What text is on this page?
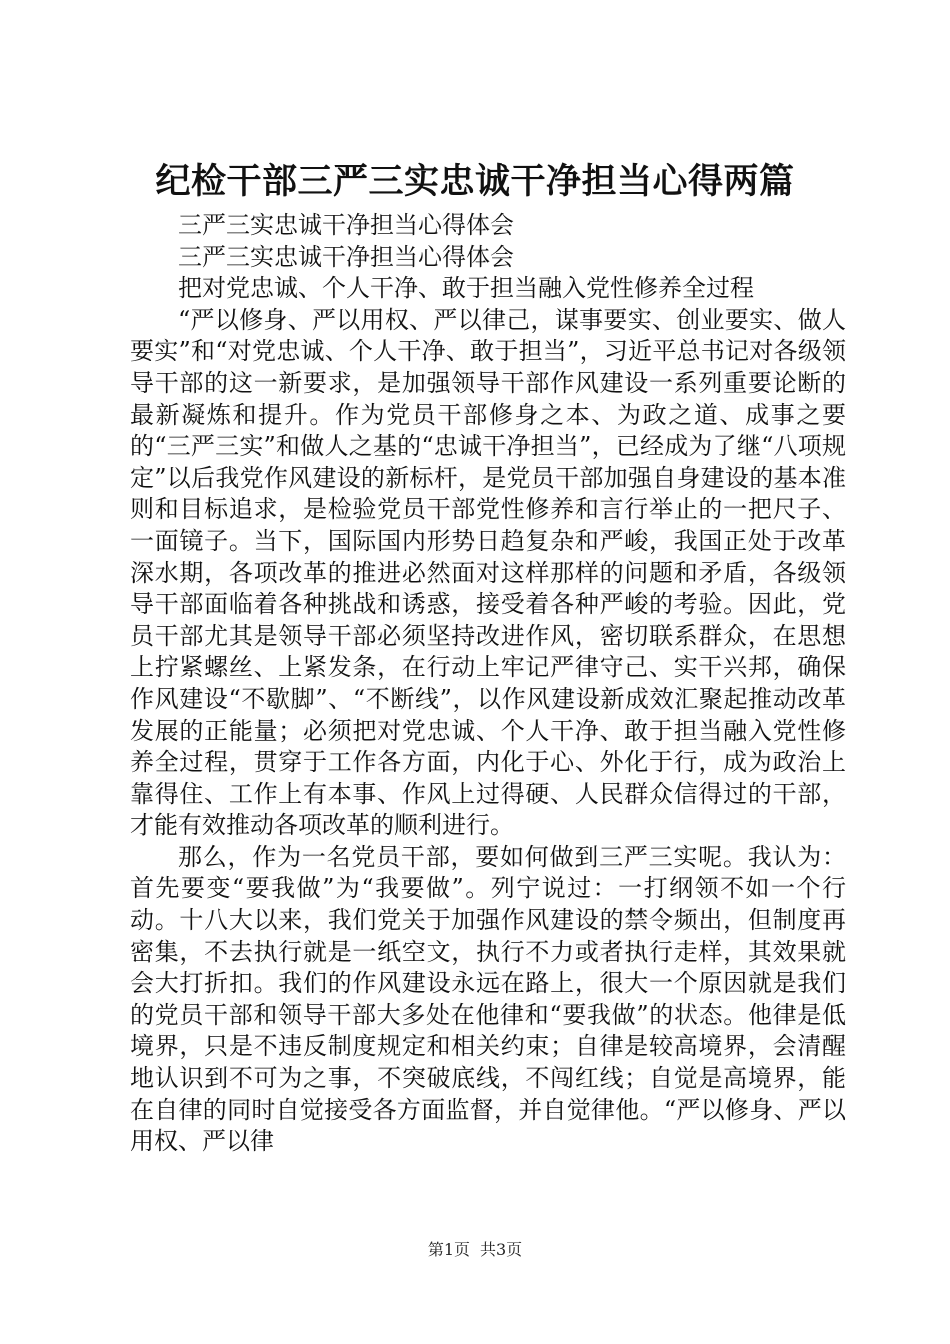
纪检干部三严三实忠诚干净担当心得两篇

三严三实忠诚干净担当心得体会

三严三实忠诚干净担当心得体会

把对党忠诚、个人干净、敢于担当融入党性修养全过程

“严以修身、严以用权、严以律己，谋事要实、创业要实、做人要实”和“对党忠诚、个人干净、敢于担当”，习近平总书记对各级领导干部的这一新要求，是加强领导干部作风建设一系列重要论断的最新凝炼和提升。作为党员干部修身之本、为政之道、成事之要的“三严三实”和做人之基的“忠诚干净担当”，已经成为了继“八项规定”以后我党作风建设的新标杆，是党员干部加强自身建设的基本准则和目标追求，是检验党员干部党性修养和言行举止的一把尺子、一面镜子。当下，国际国内形势日趋复杂和严峻，我国正处于改革深水期，各项改革的推进必然面对这样那样的问题和矛盾，各级领导干部面临着各种挑战和诱惑，接受着各种严峻的考验。因此，党员干部尤其是领导干部必须坚持改进作风，密切联系群众，在思想上拧紧螺丝、上紧发条，在行动上牢记严律守己、实干兴邦，确保作风建设“不歇脚”、“不断线”，以作风建设新成效汇聚起推动改革发展的正能量；必须把对党忠诚、个人干净、敢于担当融入党性修养全过程，贯穿于工作各方面，内化于心、外化于行，成为政治上靠得住、工作上有本事、作风上过得硬、人民群众信得过的干部，才能有效推动各项改革的顺利进行。

那么，作为一名党员干部，要如何做到三严三实呢。我认为：首先要变“要我做”为“我要做”。列宁说过：一打纲领不如一个行动。十八大以来，我们党关于加强作风建设的禁令频出，但制度再密集，不去执行就是一纸空文，执行不力或者执行走样，其效果就会大打折扣。我们的作风建设永远在路上，很大一个原因就是我们的党员干部和领导干部大多处在他律和“要我做”的状态。他律是低境界，只是不违反制度规定和相关约束；自律是较高境界，会清醒地认识到不可为之事，不突破底线，不闯红线；自觉是高境界，能在自律的同时自觉接受各方面监督，并自觉律他。“严以修身、严以用权、严以律

第1页 共3页
